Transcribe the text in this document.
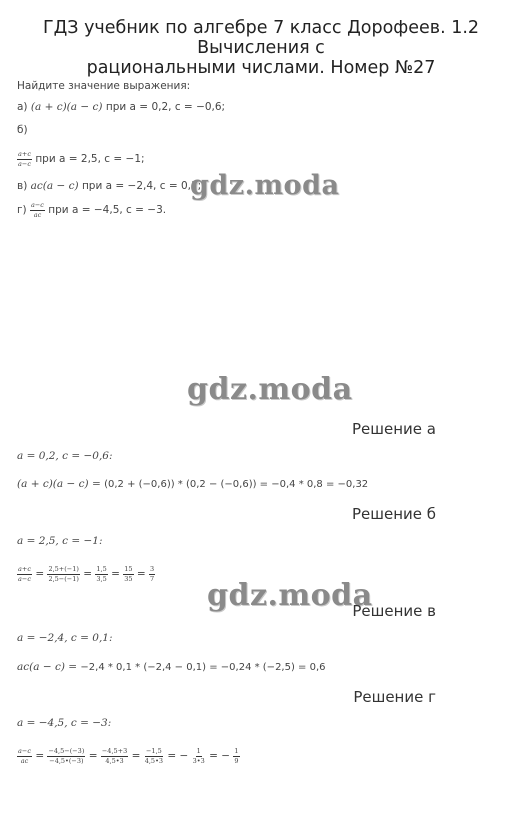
ГДЗ учебник по алгебре 7 класс Дорофеев. 1.2 Вычисления с
рациональными числами. Номер №27
Найдите значение выражения:
а) (a + c)(a − c) при a = 0,2, c = −0,6;
б)
$\frac{a+c}{a-c}$ при a = 2,5, c = −1;
в) ac(a − c) при a = −2,4, c = 0,1;
$г) \frac{a-c}{ac}$ при a = −4,5, c = −3.
gdz.moda
gdz.moda
gdz.moda
Решение а
a = 0,2, c = −0,6:
(a + c)(a − c) = (0,2 + (−0,6)) * (0,2 − (−0,6)) = −0,4 * 0,8 = −0,32
Решение б
a = 2,5, c = −1:
$\frac{a+c}{a-c} = \frac{2,5+(-1)}{2,5-(-1)} = \frac{1,5}{3,5} = \frac{15}{35} = \frac{3}{7}$
Решение в
a = −2,4, c = 0,1:
ac(a − c) = −2,4 * 0,1 * (−2,4 − 0,1) = −0,24 * (−2,5) = 0,6
Решение г
a = −4,5, c = −3:
$\frac{a-c}{ac} = \frac{-4,5-(-3)}{-4,5•(-3)} = \frac{-4,5+3}{4,5•3} = \frac{-1,5}{4,5•3}$ = − $\frac{1}{3•3}$ = − $\frac{1}{9}$
